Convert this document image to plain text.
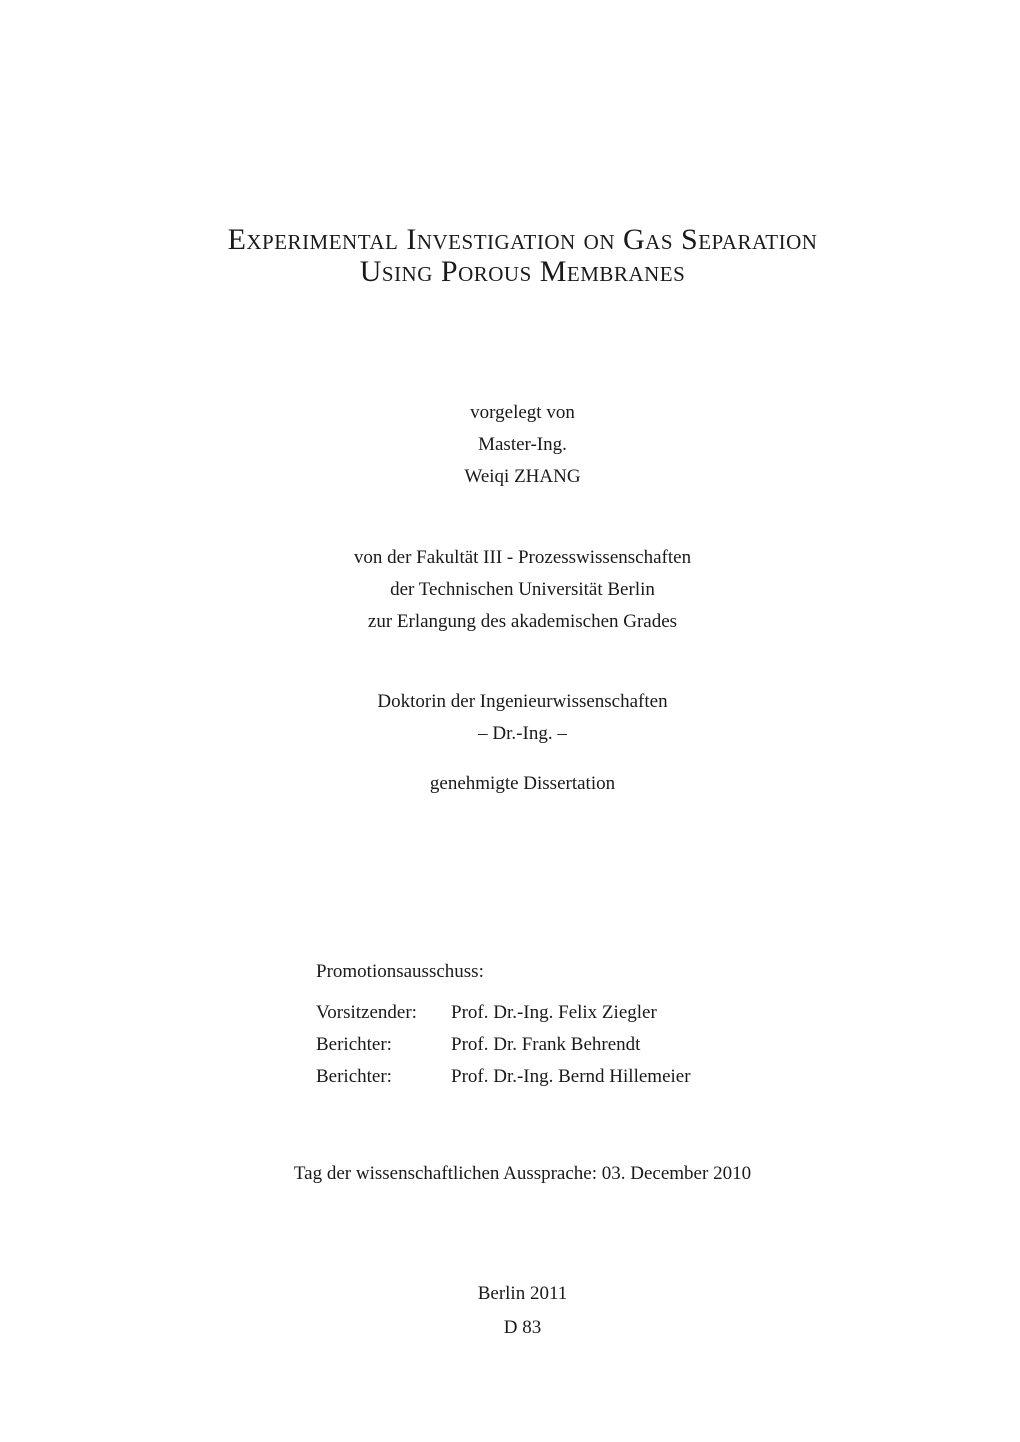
Experimental Investigation on Gas Separation
Using Porous Membranes
vorgelegt von
Master-Ing.
Weiqi ZHANG
von der Fakultät III - Prozesswissenschaften
der Technischen Universität Berlin
zur Erlangung des akademischen Grades
Doktorin der Ingenieurwissenschaften
– Dr.-Ing. –
genehmigte Dissertation
Promotionsausschuss:
Vorsitzender: Prof. Dr.-Ing. Felix Ziegler
Berichter:	Prof. Dr. Frank Behrendt
Berichter:	Prof. Dr.-Ing. Bernd Hillemeier
Tag der wissenschaftlichen Aussprache: 03. December 2010
Berlin 2011
D 83
